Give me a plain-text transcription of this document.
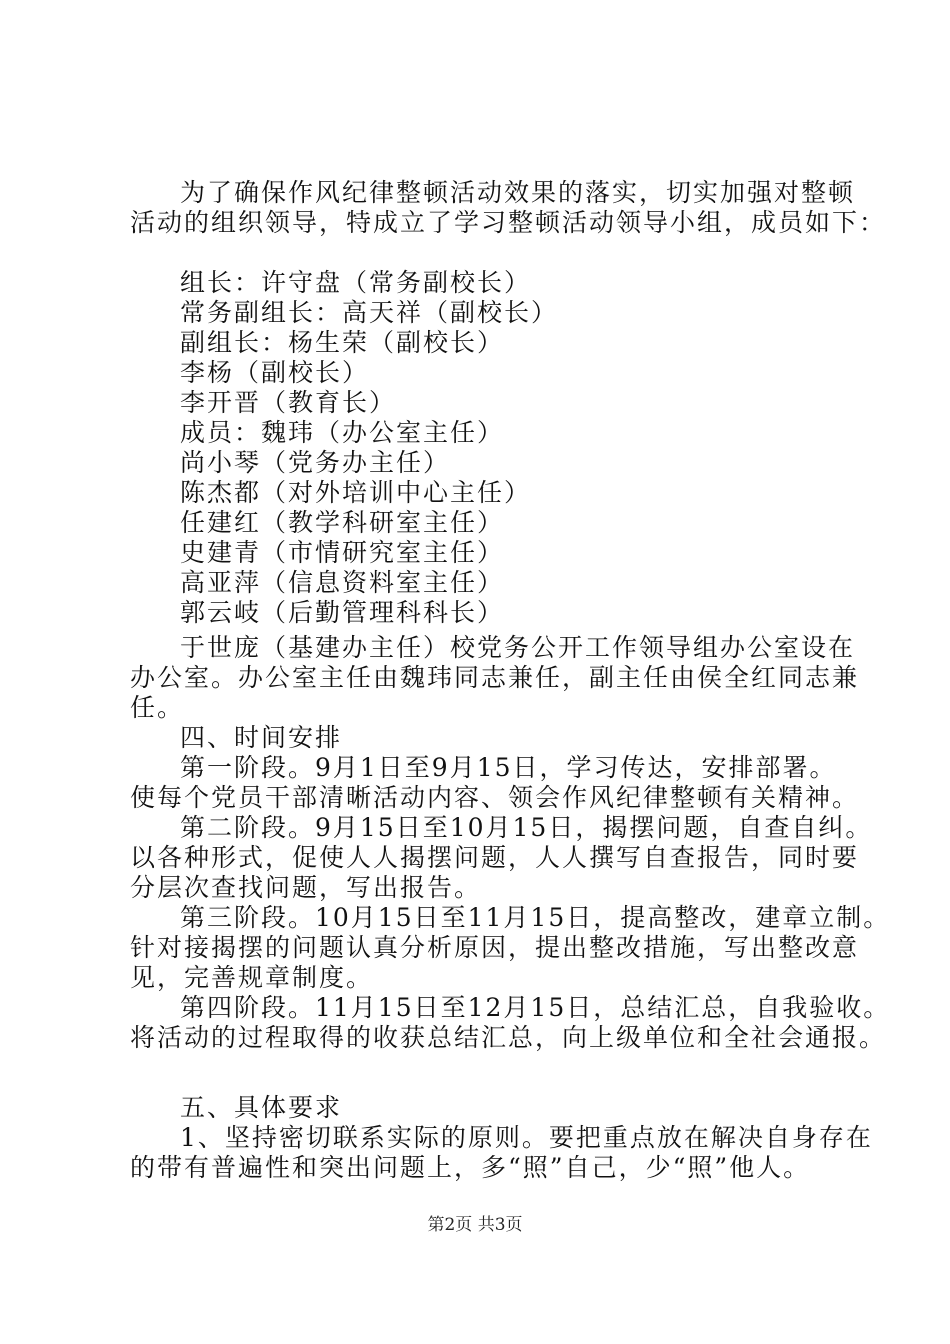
为了确保作风纪律整顿活动效果的落实，切实加强对整顿
活动的组织领导，特成立了学习整顿活动领导小组，成员如下：
组长：许守盘（常务副校长）
常务副组长：高天祥（副校长）
副组长：杨生荣（副校长）
李杨（副校长）
李开晋（教育长）
成员：魏玮（办公室主任）
尚小琴（党务办主任）
陈杰都（对外培训中心主任）
任建红（教学科研室主任）
史建青（市情研究室主任）
高亚萍（信息资料室主任）
郭云岐（后勤管理科科长）
于世庞（基建办主任）校党务公开工作领导组办公室设在
办公室。办公室主任由魏玮同志兼任，副主任由侯全红同志兼
任。
四、时间安排
第一阶段。9月1日至9月15日，学习传达，安排部署。
使每个党员干部清晰活动内容、领会作风纪律整顿有关精神。
第二阶段。9月15日至10月15日，揭摆问题，自查自纠。
以各种形式，促使人人揭摆问题，人人撰写自查报告，同时要
分层次查找问题，写出报告。
第三阶段。10月15日至11月15日，提高整改，建章立制。
针对接揭摆的问题认真分析原因，提出整改措施，写出整改意
见，完善规章制度。
第四阶段。11月15日至12月15日，总结汇总，自我验收。
将活动的过程取得的收获总结汇总，向上级单位和全社会通报。
五、具体要求
1、坚持密切联系实际的原则。要把重点放在解决自身存在
的带有普遍性和突出问题上，多“照”自己，少“照”他人。
第2页 共3页
